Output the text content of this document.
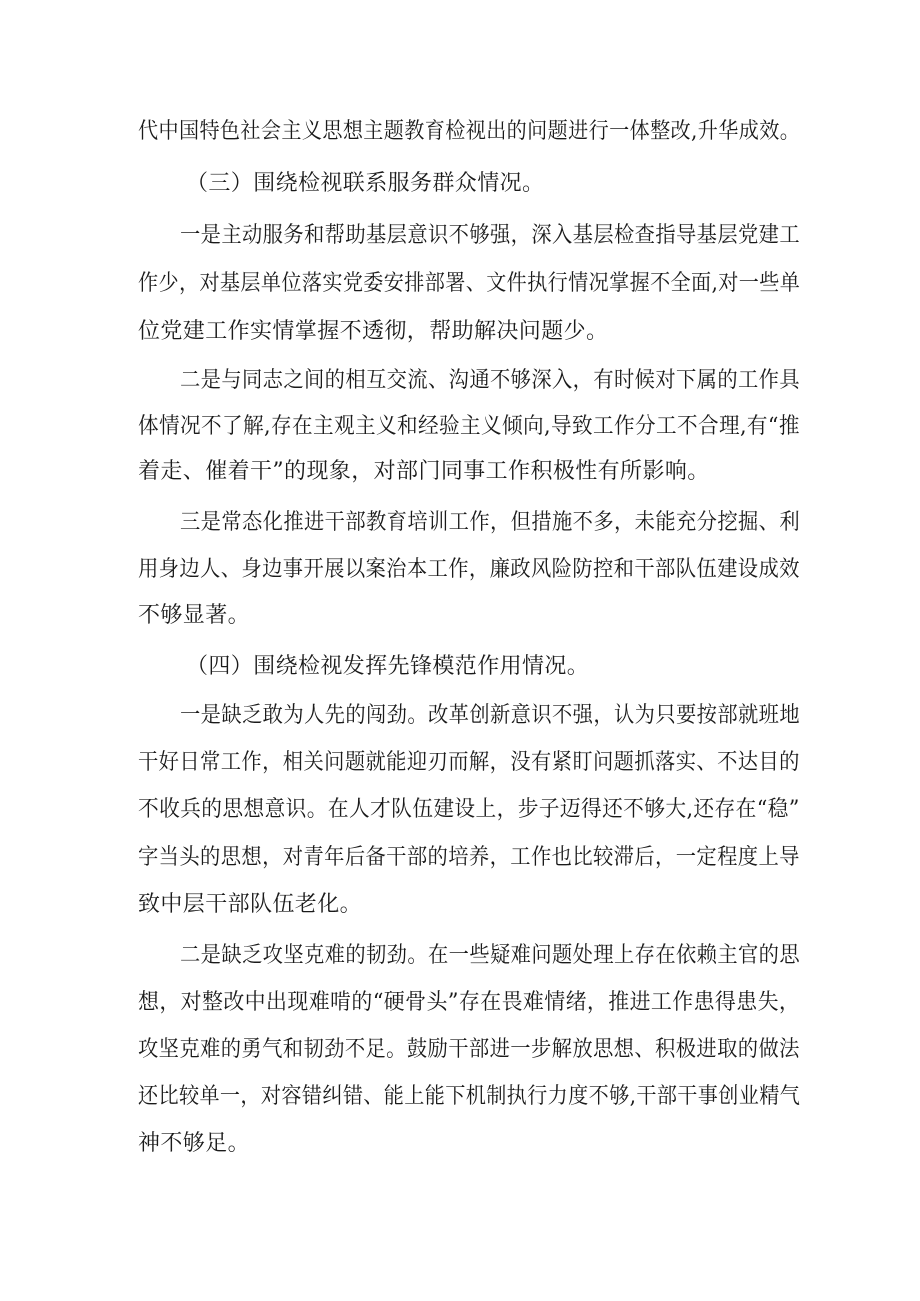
代中国特色社会主义思想主题教育检视出的问题进行一体整改,升华成效。
（三）围绕检视联系服务群众情况。
一是主动服务和帮助基层意识不够强，深入基层检查指导基层党建工
作少，对基层单位落实党委安排部署、文件执行情况掌握不全面,对一些单
位党建工作实情掌握不透彻，帮助解决问题少。
二是与同志之间的相互交流、沟通不够深入，有时候对下属的工作具
体情况不了解,存在主观主义和经验主义倾向,导致工作分工不合理,有“推
着走、催着干”的现象，对部门同事工作积极性有所影响。
三是常态化推进干部教育培训工作，但措施不多，未能充分挖掘、利
用身边人、身边事开展以案治本工作，廉政风险防控和干部队伍建设成效
不够显著。
（四）围绕检视发挥先锋模范作用情况。
一是缺乏敢为人先的闯劲。改革创新意识不强，认为只要按部就班地
干好日常工作，相关问题就能迎刃而解，没有紧盯问题抓落实、不达目的
不收兵的思想意识。在人才队伍建设上，步子迈得还不够大,还存在“稳”
字当头的思想，对青年后备干部的培养，工作也比较滞后，一定程度上导
致中层干部队伍老化。
二是缺乏攻坚克难的韧劲。在一些疑难问题处理上存在依赖主官的思
想，对整改中出现难啃的“硬骨头”存在畏难情绪，推进工作患得患失，
攻坚克难的勇气和韧劲不足。鼓励干部进一步解放思想、积极进取的做法
还比较单一，对容错纠错、能上能下机制执行力度不够,干部干事创业精气
神不够足。
